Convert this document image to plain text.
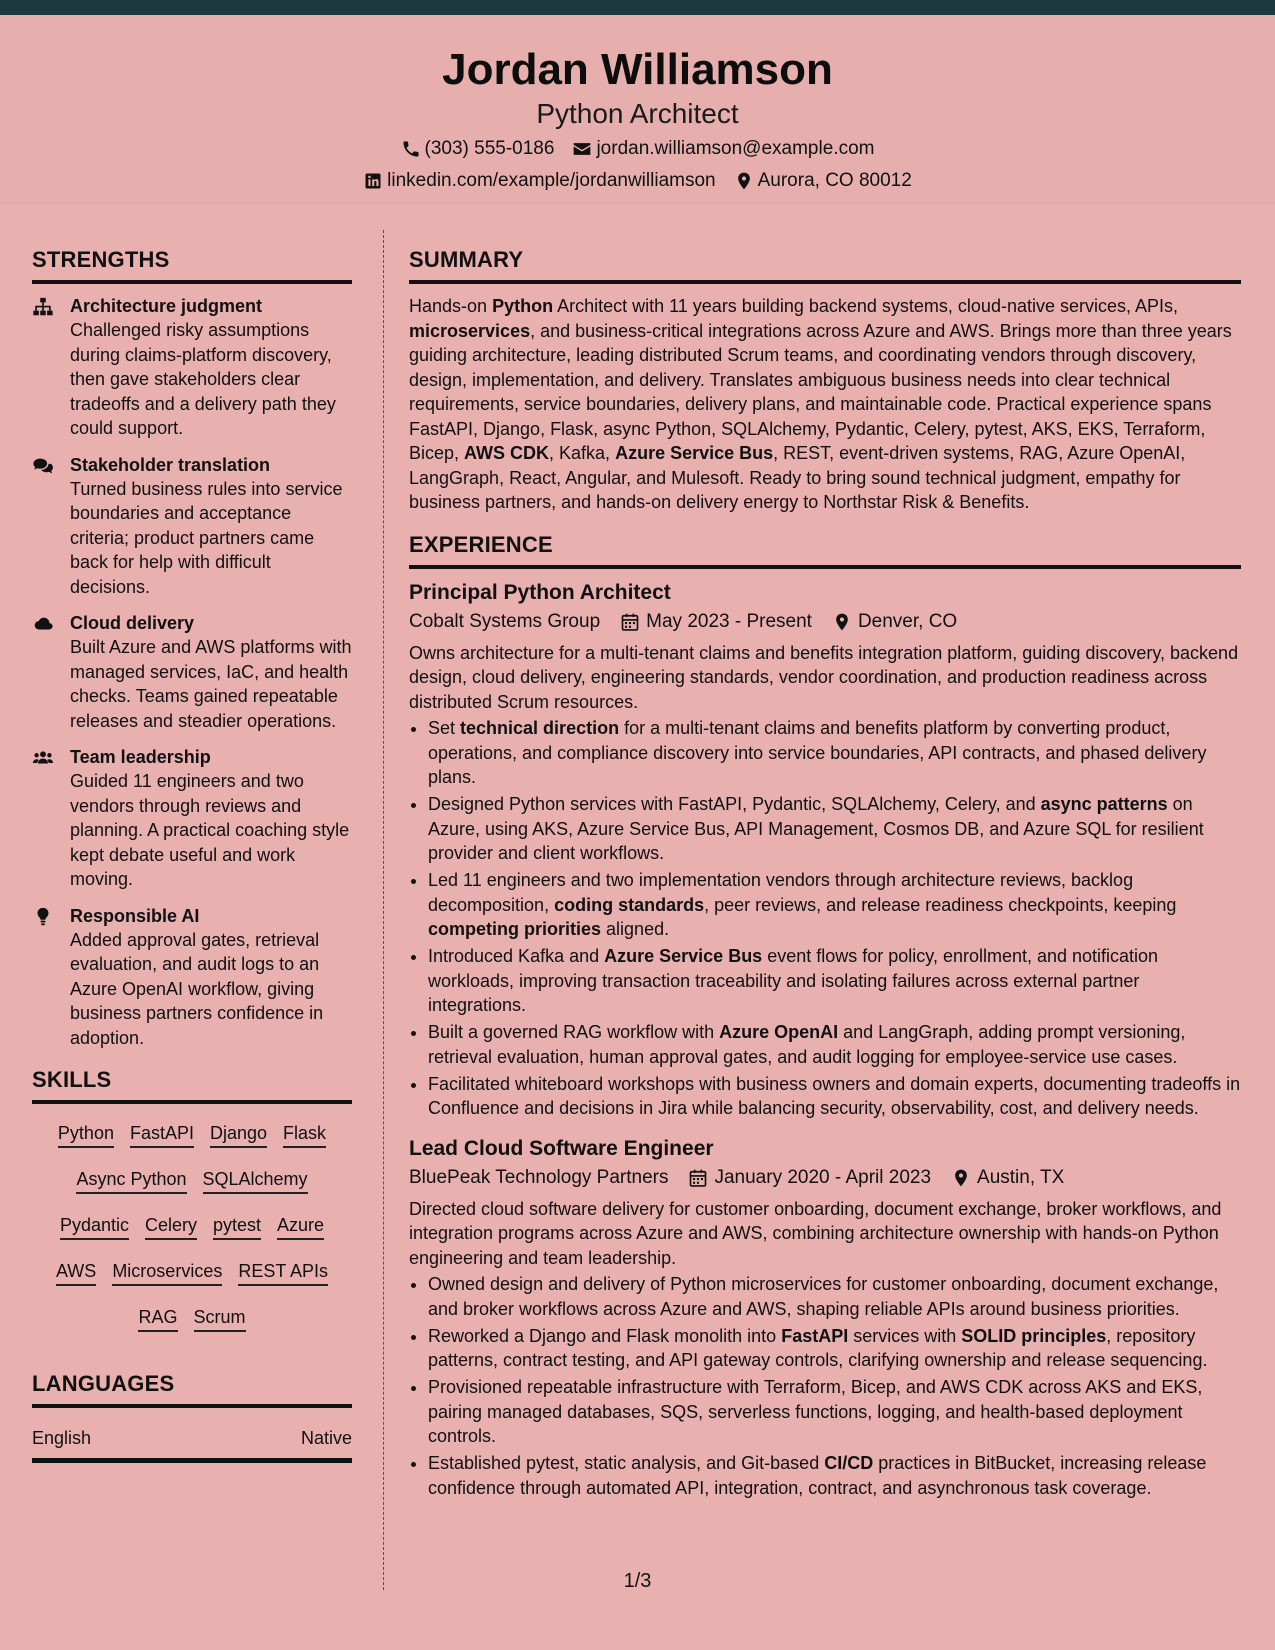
Jordan Williamson
Python Architect
(303) 555-0186 jordan.williamson@example.com
linkedin.com/example/jordanwilliamson Aurora, CO 80012
STRENGTHS
Architecture judgment
Challenged risky assumptions during claims-platform discovery, then gave stakeholders clear tradeoffs and a delivery path they could support.
Stakeholder translation
Turned business rules into service boundaries and acceptance criteria; product partners came back for help with difficult decisions.
Cloud delivery
Built Azure and AWS platforms with managed services, IaC, and health checks. Teams gained repeatable releases and steadier operations.
Team leadership
Guided 11 engineers and two vendors through reviews and planning. A practical coaching style kept debate useful and work moving.
Responsible AI
Added approval gates, retrieval evaluation, and audit logs to an Azure OpenAI workflow, giving business partners confidence in adoption.
SKILLS
Python FastAPI Django Flask
Async Python SQLAlchemy
Pydantic Celery pytest Azure
AWS Microservices REST APIs
RAG Scrum
LANGUAGES
English	Native
SUMMARY
Hands-on Python Architect with 11 years building backend systems, cloud-native services, APIs, microservices, and business-critical integrations across Azure and AWS. Brings more than three years guiding architecture, leading distributed Scrum teams, and coordinating vendors through discovery, design, implementation, and delivery. Translates ambiguous business needs into clear technical requirements, service boundaries, delivery plans, and maintainable code. Practical experience spans FastAPI, Django, Flask, async Python, SQLAlchemy, Pydantic, Celery, pytest, AKS, EKS, Terraform, Bicep, AWS CDK, Kafka, Azure Service Bus, REST, event-driven systems, RAG, Azure OpenAI, LangGraph, React, Angular, and Mulesoft. Ready to bring sound technical judgment, empathy for business partners, and hands-on delivery energy to Northstar Risk & Benefits.
EXPERIENCE
Principal Python Architect
Cobalt Systems Group May 2023 - Present Denver, CO
Owns architecture for a multi-tenant claims and benefits integration platform, guiding discovery, backend design, cloud delivery, engineering standards, vendor coordination, and production readiness across distributed Scrum resources.
• Set technical direction for a multi-tenant claims and benefits platform by converting product, operations, and compliance discovery into service boundaries, API contracts, and phased delivery plans.
• Designed Python services with FastAPI, Pydantic, SQLAlchemy, Celery, and async patterns on Azure, using AKS, Azure Service Bus, API Management, Cosmos DB, and Azure SQL for resilient provider and client workflows.
• Led 11 engineers and two implementation vendors through architecture reviews, backlog decomposition, coding standards, peer reviews, and release readiness checkpoints, keeping competing priorities aligned.
• Introduced Kafka and Azure Service Bus event flows for policy, enrollment, and notification workloads, improving transaction traceability and isolating failures across external partner integrations.
• Built a governed RAG workflow with Azure OpenAI and LangGraph, adding prompt versioning, retrieval evaluation, human approval gates, and audit logging for employee-service use cases.
• Facilitated whiteboard workshops with business owners and domain experts, documenting tradeoffs in Confluence and decisions in Jira while balancing security, observability, cost, and delivery needs.
Lead Cloud Software Engineer
BluePeak Technology Partners January 2020 - April 2023 Austin, TX
Directed cloud software delivery for customer onboarding, document exchange, broker workflows, and integration programs across Azure and AWS, combining architecture ownership with hands-on Python engineering and team leadership.
• Owned design and delivery of Python microservices for customer onboarding, document exchange, and broker workflows across Azure and AWS, shaping reliable APIs around business priorities.
• Reworked a Django and Flask monolith into FastAPI services with SOLID principles, repository patterns, contract testing, and API gateway controls, clarifying ownership and release sequencing.
• Provisioned repeatable infrastructure with Terraform, Bicep, and AWS CDK across AKS and EKS, pairing managed databases, SQS, serverless functions, logging, and health-based deployment controls.
• Established pytest, static analysis, and Git-based CI/CD practices in BitBucket, increasing release confidence through automated API, integration, contract, and asynchronous task coverage.
1/3
